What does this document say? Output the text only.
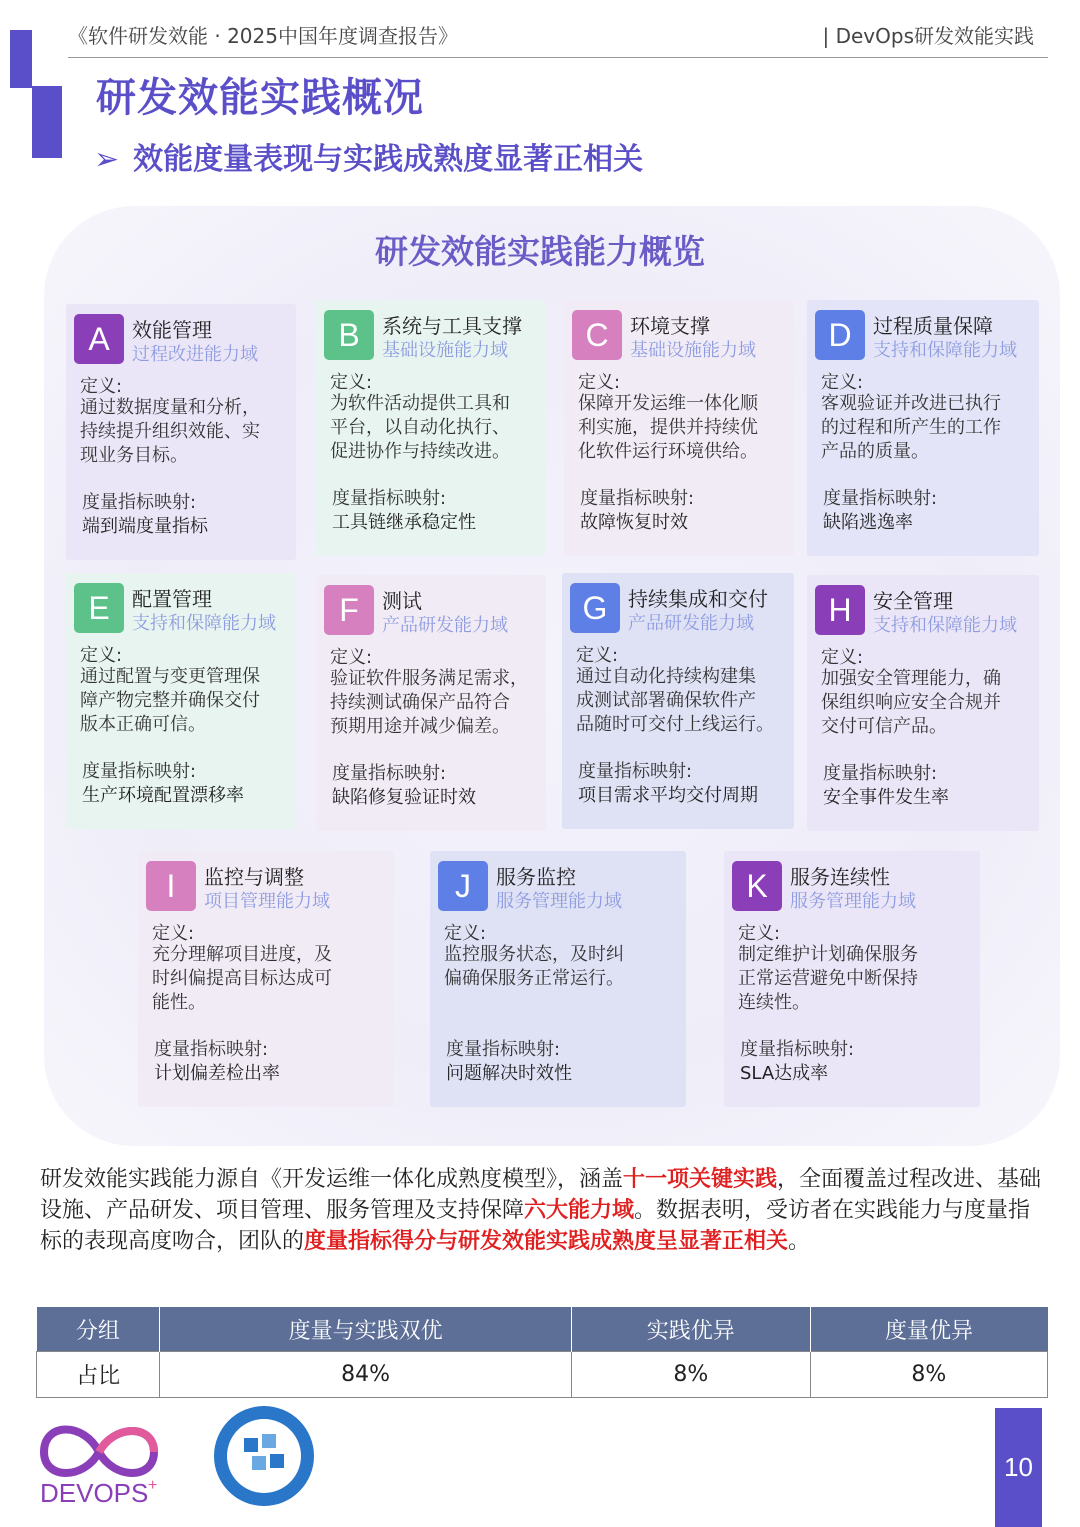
《软件研发效能 · 2025中国年度调查报告》	| DevOps研发效能实践
研发效能实践概况
➢ 效能度量表现与实践成熟度显著正相关
研发效能实践能力概览
A	效能管理
过程改进能力域
定义:
通过数据度量和分析，
持续提升组织效能、实
现业务目标。
度量指标映射:
端到端度量指标
B	系统与工具支撑
基础设施能力域
定义:
为软件活动提供工具和
平台，以自动化执行、
促进协作与持续改进。
度量指标映射:
工具链继承稳定性
C	环境支撑
基础设施能力域
定义:
保障开发运维一体化顺
利实施，提供并持续优
化软件运行环境供给。
度量指标映射:
故障恢复时效
D	过程质量保障
支持和保障能力域
定义:
客观验证并改进已执行
的过程和所产生的工作
产品的质量。
度量指标映射:
缺陷逃逸率
E	配置管理
支持和保障能力域
定义:
通过配置与变更管理保
障产物完整并确保交付
版本正确可信。
度量指标映射:
生产环境配置漂移率
F	测试
产品研发能力域
定义:
验证软件服务满足需求，
持续测试确保产品符合
预期用途并减少偏差。
度量指标映射:
缺陷修复验证时效
G	持续集成和交付
产品研发能力域
定义:
通过自动化持续构建集
成测试部署确保软件产
品随时可交付上线运行。
度量指标映射:
项目需求平均交付周期
H	安全管理
支持和保障能力域
定义:
加强安全管理能力，确
保组织响应安全合规并
交付可信产品。
度量指标映射:
安全事件发生率
I	监控与调整
项目管理能力域
定义:
充分理解项目进度，及
时纠偏提高目标达成可
能性。
度量指标映射:
计划偏差检出率
J	服务监控
服务管理能力域
定义:
监控服务状态，及时纠
偏确保服务正常运行。
度量指标映射:
问题解决时效性
K	服务连续性
服务管理能力域
定义:
制定维护计划确保服务
正常运营避免中断保持
连续性。
度量指标映射:
SLA达成率
研发效能实践能力源自《开发运维一体化成熟度模型》，涵盖十一项关键实践，全面覆盖过程改进、基础设施、产品研发、项目管理、服务管理及支持保障六大能力域。数据表明，受访者在实践能力与度量指标的表现高度吻合，团队的度量指标得分与研发效能实践成熟度呈显著正相关。
分组	度量与实践双优	实践优异	度量优异
占比	84%	8%	8%
DEVOPS +
10
